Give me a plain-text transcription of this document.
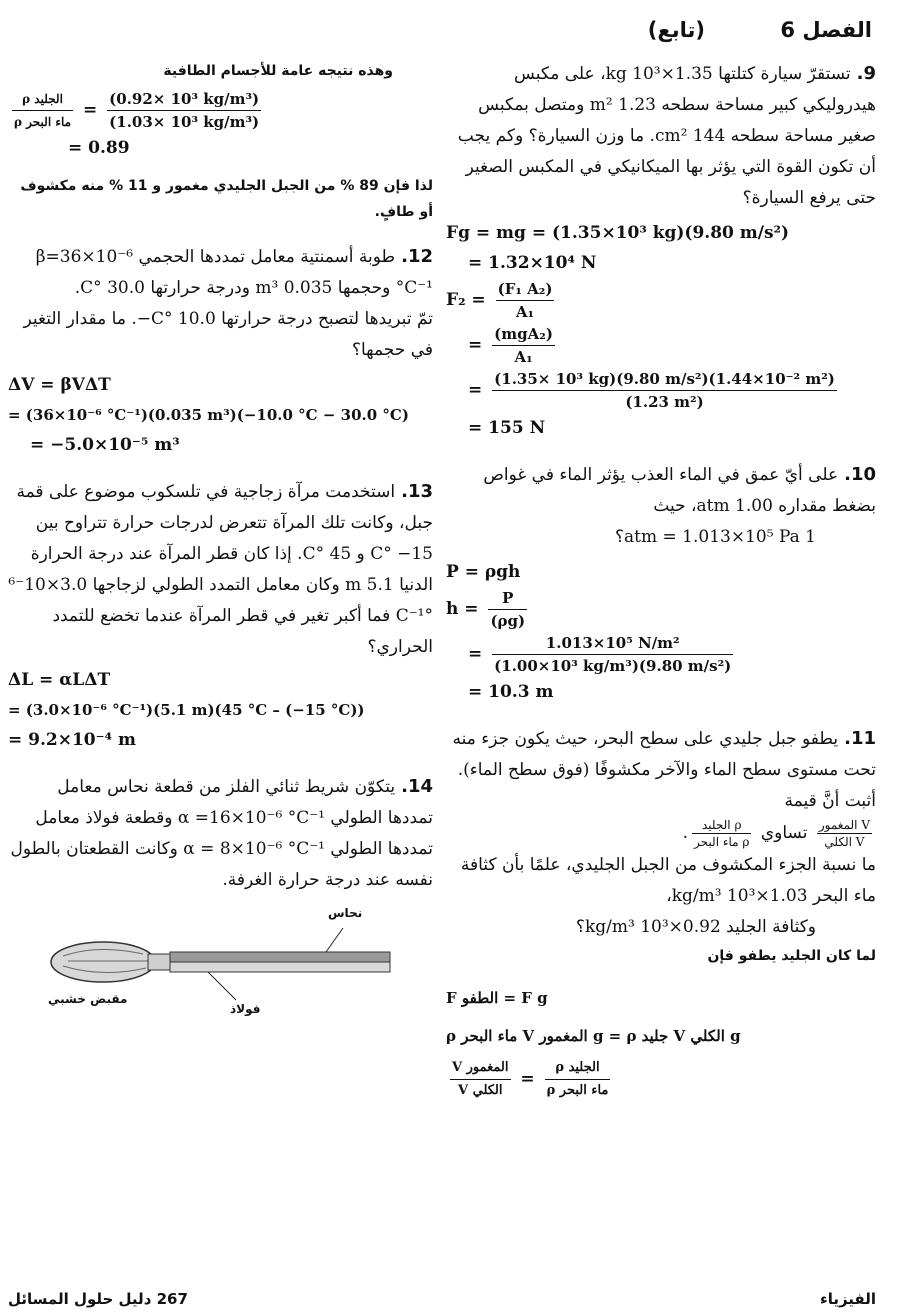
الفصل 6
(تابع)
9.تستقرّ سيارة كتلتها 1.35×10³ kg، على مكبس هيدروليكي كبير مساحة سطحه 1.23 m² ومتصل بمكبس صغير مساحة سطحه 144 cm². ما وزن السيارة؟ وكم يجب أن تكون القوة التي يؤثر بها الميكانيكي في المكبس الصغير حتى يرفع السيارة؟
Fg = mg = (1.35×10³ kg)(9.80 m/s²)
= 1.32×10⁴ N
$F_2 = \frac{\text{(F₁ A₂)}}{\text{A₁}}$
= $\frac{\text{(mgA₂)}}{\text{A₁}}$
= $\frac{\text{(1.35× 10³ kg)(9.80 m/s²)(1.44×10⁻² m²)}}{\text{(1.23 m²)}}$
= 155 N
10.على أيّ عمق في الماء العذب يؤثر الماء في غواص بضغط مقداره 1.00 atm، حيث
1 atm = 1.013×10⁵ Pa؟
P = ρgh
$h = \frac{P}{(\rho g)}$
= $\frac{\text{1.013×10⁵ N/m²}}{\text{(1.00×10³ kg/m³)(9.80 m/s²)}}$
= 10.3 m
11.يطفو جبل جليدي على سطح البحر، حيث يكون جزء منه تحت مستوى سطح الماء والآخر مكشوفًا (فوق سطح الماء). أثبت أنَّ قيمة
$\frac{\text{V المغمور}}{\text{V الكلي}}$
تساوي
$\frac{\text{ρ الجليد}}{\text{ρ ماء البحر}}$
.
ما نسبة الجزء المكشوف من الجبل الجليدي، علمًا بأن كثافة ماء البحر 1.03×10³ kg/m³،
وكثافة الجليد 0.92×10³ kg/m³؟
لما كان الجليد يطفو فإن
F الطفو = F g
ρ ماء البحر V المغمور g = ρ جليد V الكلي g
$\frac{\text{V المغمور}}{\text{V الكلي}} = \frac{\text{ρ الجليد}}{\text{ρ ماء البحر}}$
وهذه نتيجه عامة للأجسام الطافية
$\frac{\text{ρ الجليد}}{\text{ρ ماء البحر}} = \frac{\text{(0.92× 10³ kg/m³)}}{\text{(1.03× 10³ kg/m³)}}$
= 0.89
لذا فإن 89 % من الجبل الجليدي مغمور و 11 % منه مكشوف أو طافٍ.
12.طوبة أسمنتية معامل تمددها الحجمي β=36×10⁻⁶ °C⁻¹ وحجمها 0.035 m³ ودرجة حرارتها 30.0 °C.
تمّ تبريدها لتصبح درجة حرارتها 10.0 °C−. ما مقدار التغير في حجمها؟
ΔV = βVΔT
= (36×10⁻⁶ °C⁻¹)(0.035 m³)(−10.0 °C − 30.0 °C)
= −5.0×10⁻⁵ m³
13.استخدمت مرآة زجاجية في تلسكوب موضوع على قمة جبل، وكانت تلك المرآة تتعرض لدرجات حرارة تتراوح بين 15− °C و 45 °C. إذا كان قطر المرآة عند درجة الحرارة الدنيا 5.1 m وكان معامل التمدد الطولي لزجاجها 3.0×10⁻⁶ °C⁻¹ فما أكبر تغير في قطر المرآة عندما تخضع للتمدد الحراري؟
ΔL = αLΔT
= (3.0×10⁻⁶ °C⁻¹)(5.1 m)(45 °C – (−15 °C))
= 9.2×10⁻⁴ m
14.يتكوّن شريط ثنائي الفلز من قطعة نحاس معامل تمددها الطولي α =16×10⁻⁶ °C⁻¹ وقطعة فولاذ معامل تمددها الطولي α = 8×10⁻⁶ °C⁻¹ وكانت القطعتان بالطول نفسه عند درجة حرارة الغرفة.
نحاس
مقبض خشبي
فولاذ
267 دليل حلول المسائل	الفيزياء
